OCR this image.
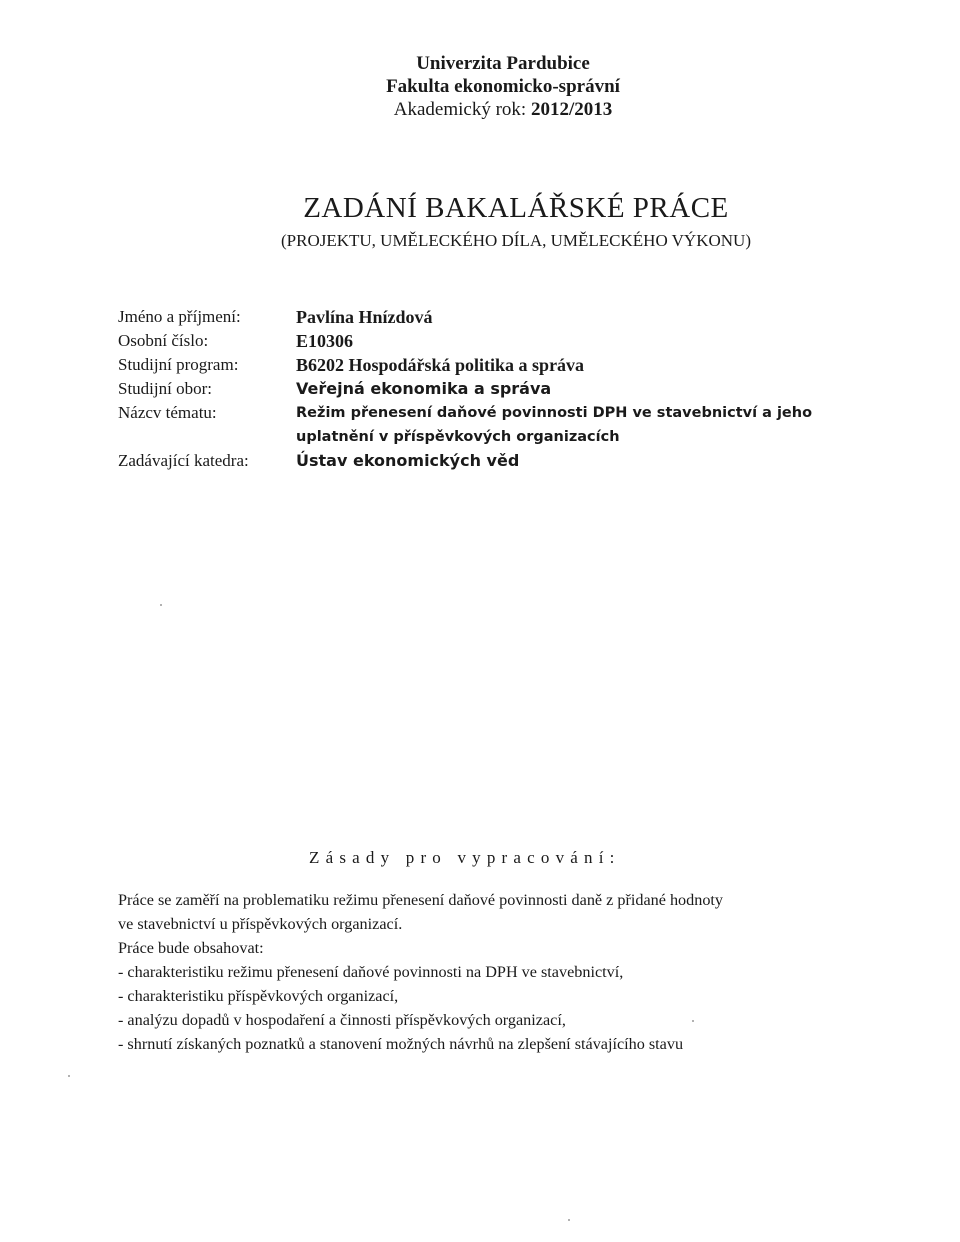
Univerzita Pardubice
Fakulta ekonomicko-správní
Akademický rok: 2012/2013
ZADÁNÍ BAKALÁŘSKÉ PRÁCE
(PROJEKTU, UMĚLECKÉHO DÍLA, UMĚLECKÉHO VÝKONU)
Jméno a příjmení:	Pavlína Hnízdová
Osobní číslo:	E10306
Studijní program:	B6202 Hospodářská politika a správa
Studijní obor:	Veřejná ekonomika a správa
Názcv tématu:	Režim přenesení daňové povinnosti DPH ve stavebnictví a jeho
uplatnění v příspěvkových organizacích
Zadávající katedra:	Ústav ekonomických věd
Zásady pro vypracování:
Práce se zaměří na problematiku režimu přenesení daňové povinnosti daně z přidané hodnoty
ve stavebnictví u příspěvkových organizací.
Práce bude obsahovat:
- charakteristiku režimu přenesení daňové povinnosti na DPH ve stavebnictví,
- charakteristiku příspěvkových organizací,
- analýzu dopadů v hospodaření a činnosti příspěvkových organizací,
- shrnutí získaných poznatků a stanovení možných návrhů na zlepšení stávajícího stavu
